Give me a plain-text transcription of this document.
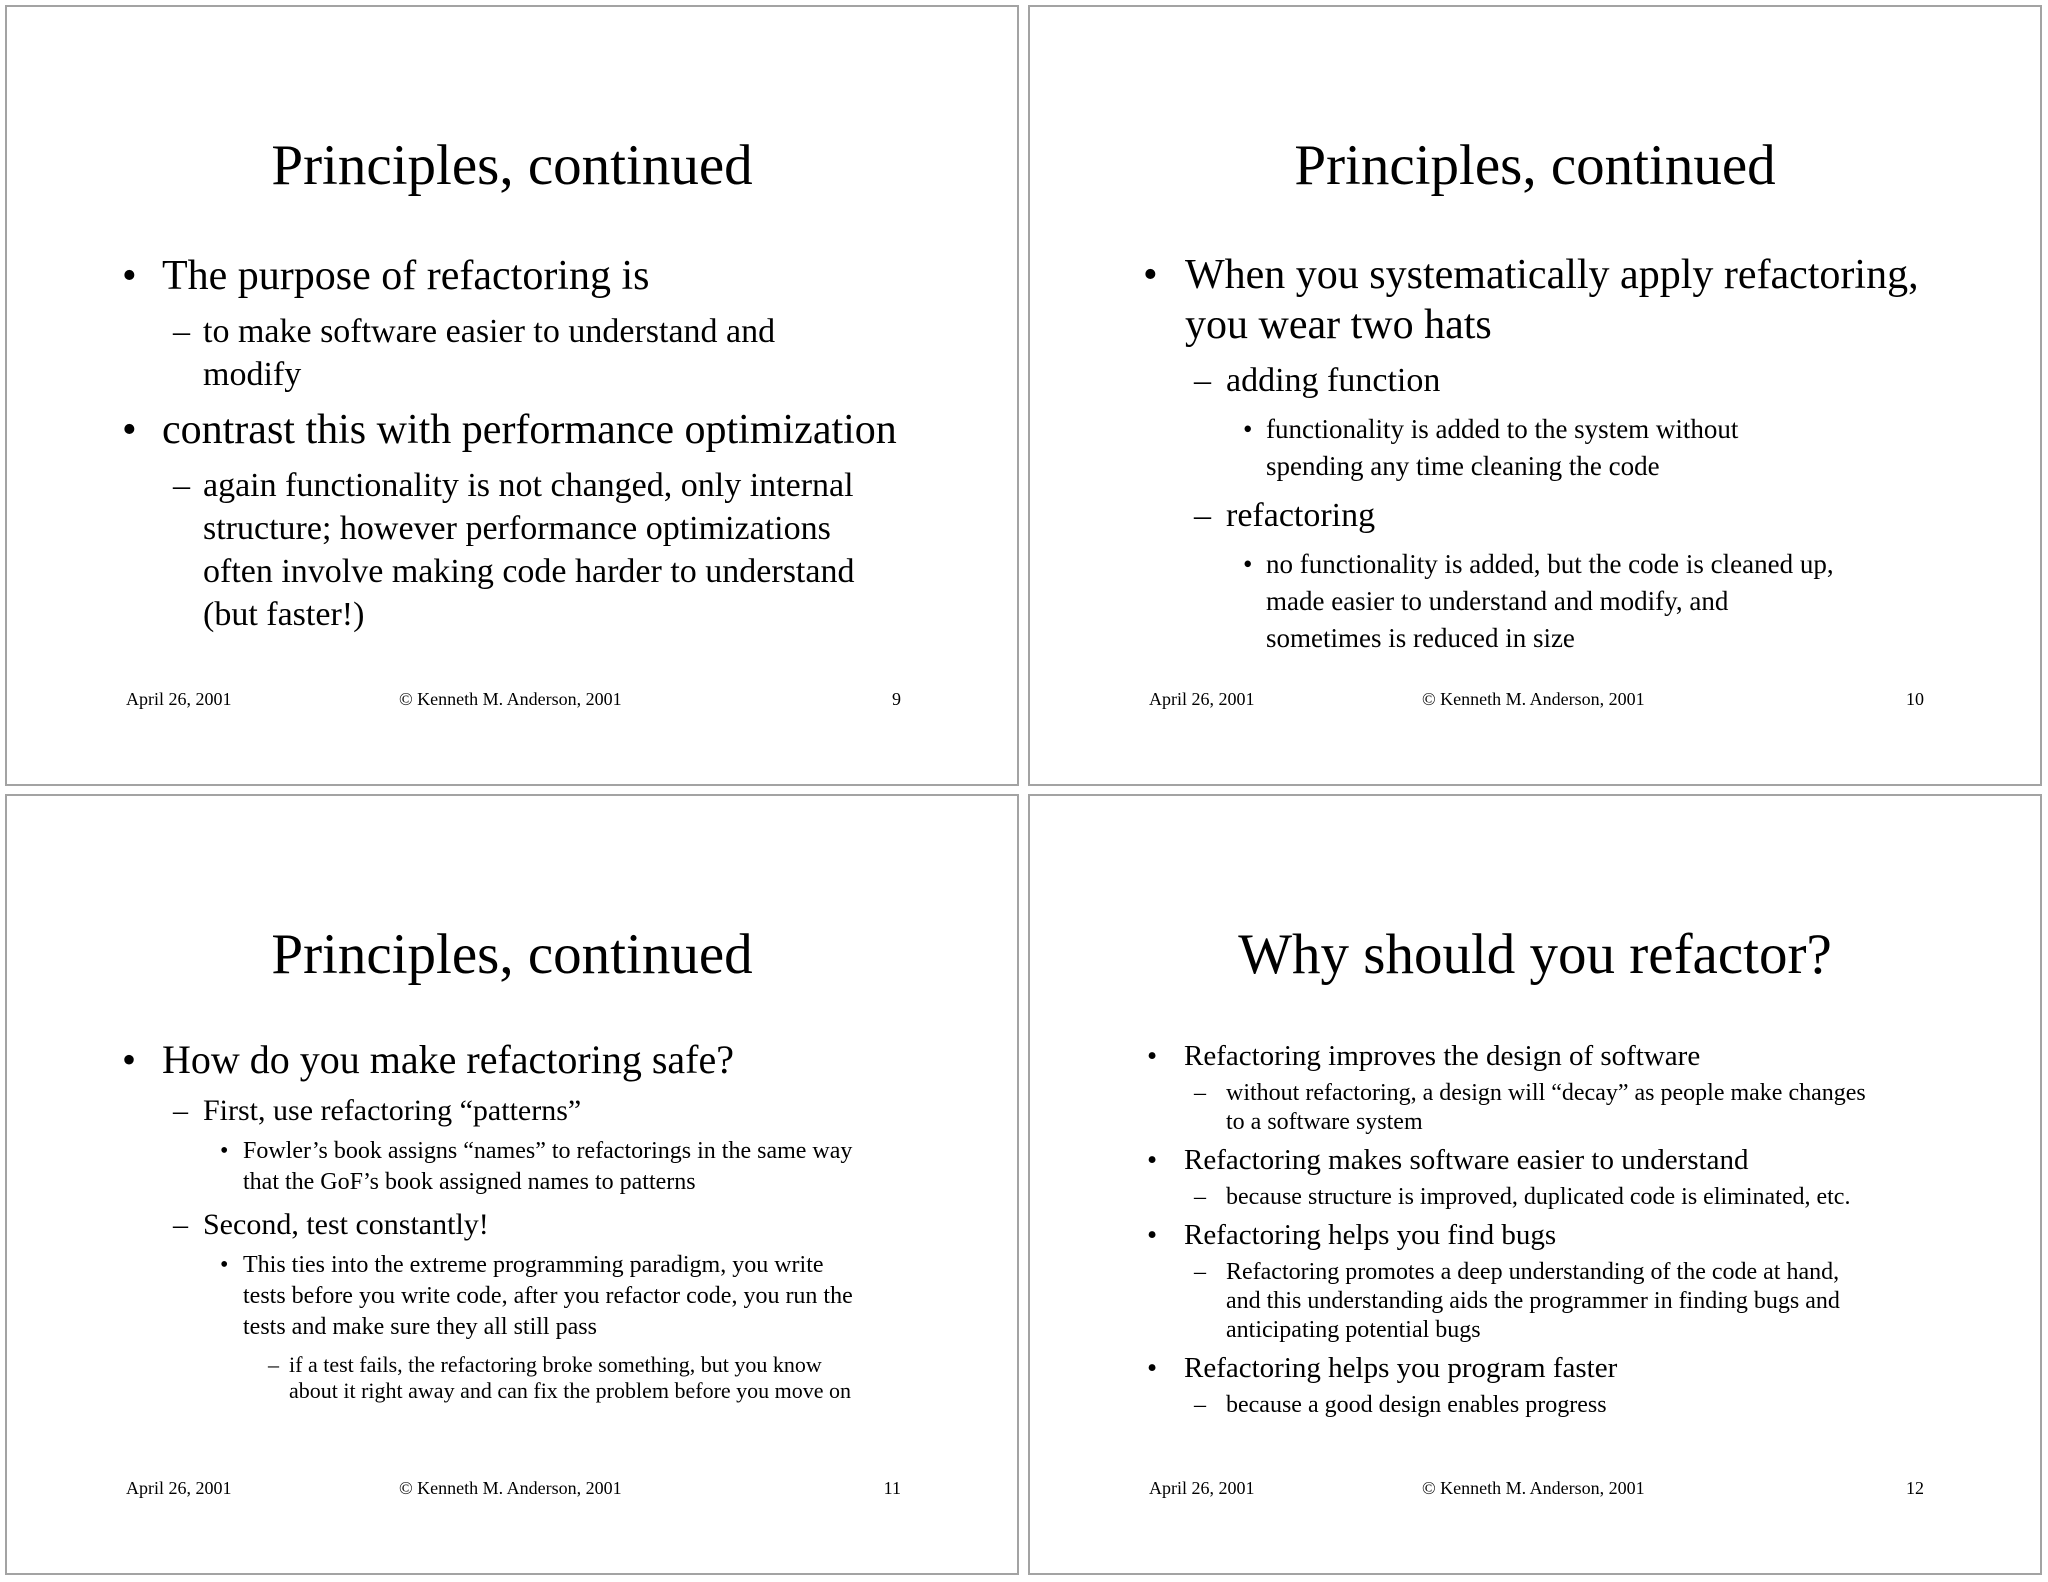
Principles, continued
• The purpose of refactoring is
– to make software easier to understand and
modify
• contrast this with performance optimization
– again functionality is not changed, only internal
structure; however performance optimizations
often involve making code harder to understand
(but faster!)
April 26, 2001	© Kenneth M. Anderson, 2001	9
Principles, continued
• When you systematically apply refactoring,
you wear two hats
– adding function
• functionality is added to the system without
spending any time cleaning the code
– refactoring
• no functionality is added, but the code is cleaned up,
made easier to understand and modify, and
sometimes is reduced in size
April 26, 2001	© Kenneth M. Anderson, 2001	10
Principles, continued
• How do you make refactoring safe?
– First, use refactoring “patterns”
• Fowler’s book assigns “names” to refactorings in the same way
that the GoF’s book assigned names to patterns
– Second, test constantly!
• This ties into the extreme programming paradigm, you write
tests before you write code, after you refactor code, you run the
tests and make sure they all still pass
– if a test fails, the refactoring broke something, but you know
about it right away and can fix the problem before you move on
April 26, 2001	© Kenneth M. Anderson, 2001	11
Why should you refactor?
• Refactoring improves the design of software
– without refactoring, a design will “decay” as people make changes
to a software system
• Refactoring makes software easier to understand
– because structure is improved, duplicated code is eliminated, etc.
• Refactoring helps you find bugs
– Refactoring promotes a deep understanding of the code at hand,
and this understanding aids the programmer in finding bugs and
anticipating potential bugs
• Refactoring helps you program faster
– because a good design enables progress
April 26, 2001	© Kenneth M. Anderson, 2001	12
